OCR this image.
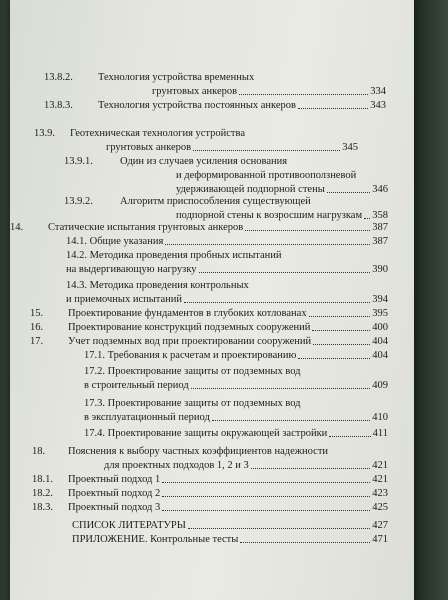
13.8.2.	Технология устройства временных
грунтовых анкеров	334
13.8.3.	Технология устройства постоянных анкеров	343
13.9.	Геотехническая технология устройства
грунтовых анкеров	345
13.9.1.	Один из случаев усиления основания
и деформированной противооползневой
удерживающей подпорной стены	346
13.9.2.	Алгоритм приспособления существующей
подпорной стены к возросшим нагрузкам 358
14.	Статические испытания грунтовых анкеров	387
14.1. Общие указания	387
14.2. Методика проведения пробных испытаний
на выдергивающую нагрузку	390
14.3. Методика проведения контрольных
и приемочных испытаний	394
15.	Проектирование фундаментов в глубоких котлованах	395
16.	Проектирование конструкций подземных сооружений	400
17.	Учет подземных вод при проектировании сооружений	404
17.1. Требования к расчетам и проектированию	404
17.2. Проектирование защиты от подземных вод
в строительный период	409
17.3. Проектирование защиты от подземных вод
в эксплуатационный период	410
17.4. Проектирование защиты окружающей застройки	411
18.	Пояснения к выбору частных коэффициентов надежности
для проектных подходов 1, 2 и 3	421
18.1.	Проектный подход 1	421
18.2.	Проектный подход 2	423
18.3.	Проектный подход 3	425
СПИСОК ЛИТЕРАТУРЫ	427
ПРИЛОЖЕНИЕ. Контрольные тесты	471
